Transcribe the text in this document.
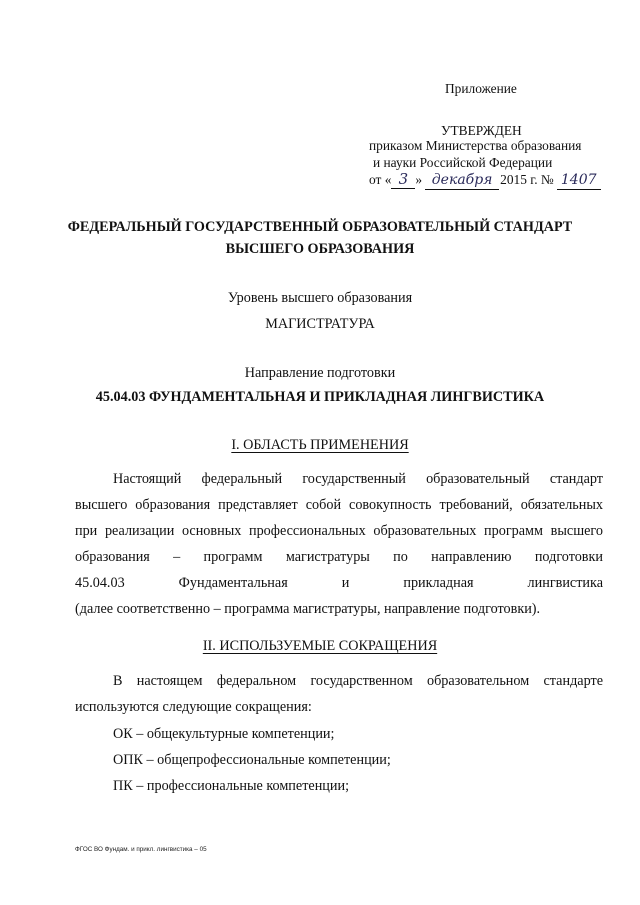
Приложение
УТВЕРЖДЕН
приказом Министерства образования
и науки Российской Федерации
от « 3 » декабря 2015 г. № 1407
ФЕДЕРАЛЬНЫЙ ГОСУДАРСТВЕННЫЙ ОБРАЗОВАТЕЛЬНЫЙ СТАНДАРТ
ВЫСШЕГО ОБРАЗОВАНИЯ
Уровень высшего образования
МАГИСТРАТУРА
Направление подготовки
45.04.03 ФУНДАМЕНТАЛЬНАЯ И ПРИКЛАДНАЯ ЛИНГВИСТИКА
I. ОБЛАСТЬ ПРИМЕНЕНИЯ
Настоящий федеральный государственный образовательный стандарт
высшего образования представляет собой совокупность требований, обязательных
при реализации основных профессиональных образовательных программ высшего
образования – программ магистратуры по направлению подготовки
45.04.03 Фундаментальная и прикладная лингвистика
(далее соответственно – программа магистратуры, направление подготовки).
II. ИСПОЛЬЗУЕМЫЕ СОКРАЩЕНИЯ
В настоящем федеральном государственном образовательном стандарте
используются следующие сокращения:
ОК – общекультурные компетенции;
ОПК – общепрофессиональные компетенции;
ПК – профессиональные компетенции;
ФГОС ВО Фундам. и прикл. лингвистика – 05
